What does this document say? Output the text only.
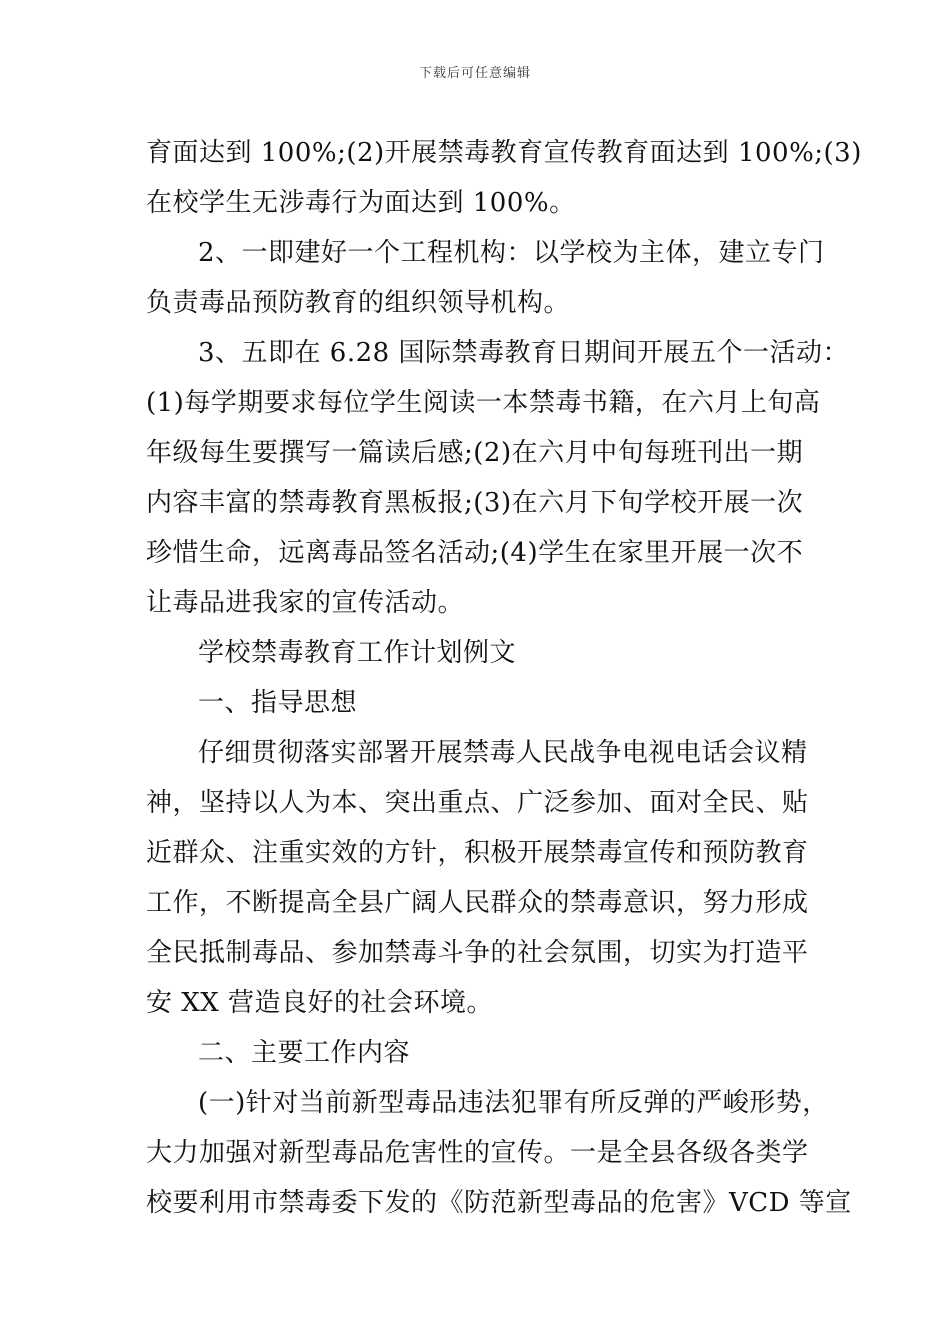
下载后可任意编辑
育面达到 100%;(2)开展禁毒教育宣传教育面达到 100%;(3)
在校学生无涉毒行为面达到 100%。
2、一即建好一个工程机构：以学校为主体，建立专门
负责毒品预防教育的组织领导机构。
3、五即在 6.28 国际禁毒教育日期间开展五个一活动：
(1)每学期要求每位学生阅读一本禁毒书籍，在六月上旬高
年级每生要撰写一篇读后感;(2)在六月中旬每班刊出一期
内容丰富的禁毒教育黑板报;(3)在六月下旬学校开展一次
珍惜生命，远离毒品签名活动;(4)学生在家里开展一次不
让毒品进我家的宣传活动。
学校禁毒教育工作计划例文
一、指导思想
仔细贯彻落实部署开展禁毒人民战争电视电话会议精
神，坚持以人为本、突出重点、广泛参加、面对全民、贴
近群众、注重实效的方针，积极开展禁毒宣传和预防教育
工作，不断提高全县广阔人民群众的禁毒意识，努力形成
全民抵制毒品、参加禁毒斗争的社会氛围，切实为打造平
安 XX 营造良好的社会环境。
二、主要工作内容
(一)针对当前新型毒品违法犯罪有所反弹的严峻形势，
大力加强对新型毒品危害性的宣传。一是全县各级各类学
校要利用市禁毒委下发的《防范新型毒品的危害》VCD 等宣
